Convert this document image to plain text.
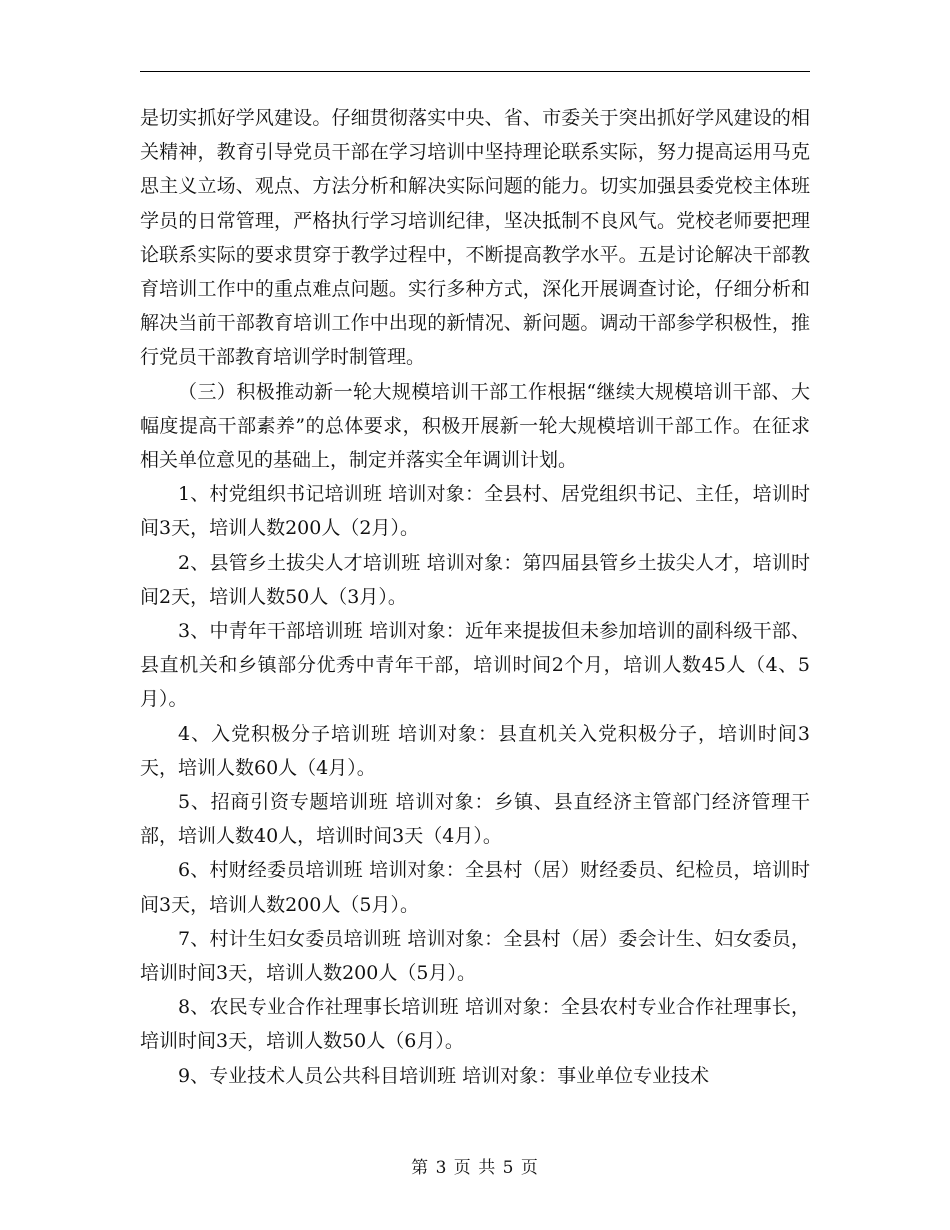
是切实抓好学风建设。仔细贯彻落实中央、省、市委关于突出抓好学风建设的相关精神，教育引导党员干部在学习培训中坚持理论联系实际，努力提高运用马克思主义立场、观点、方法分析和解决实际问题的能力。切实加强县委党校主体班学员的日常管理，严格执行学习培训纪律，坚决抵制不良风气。党校老师要把理论联系实际的要求贯穿于教学过程中，不断提高教学水平。五是讨论解决干部教育培训工作中的重点难点问题。实行多种方式，深化开展调查讨论，仔细分析和解决当前干部教育培训工作中出现的新情况、新问题。调动干部参学积极性，推行党员干部教育培训学时制管理。

（三）积极推动新一轮大规模培训干部工作根据“继续大规模培训干部、大幅度提高干部素养”的总体要求，积极开展新一轮大规模培训干部工作。在征求相关单位意见的基础上，制定并落实全年调训计划。

1、村党组织书记培训班 培训对象：全县村、居党组织书记、主任，培训时间3天，培训人数200人（2月）。

2、县管乡土拔尖人才培训班 培训对象：第四届县管乡土拔尖人才，培训时间2天，培训人数50人（3月）。

3、中青年干部培训班 培训对象：近年来提拔但未参加培训的副科级干部、县直机关和乡镇部分优秀中青年干部，培训时间2个月，培训人数45人（4、5月）。

4、入党积极分子培训班 培训对象：县直机关入党积极分子，培训时间3天，培训人数60人（4月）。

5、招商引资专题培训班 培训对象：乡镇、县直经济主管部门经济管理干部，培训人数40人，培训时间3天（4月）。

6、村财经委员培训班 培训对象：全县村（居）财经委员、纪检员，培训时间3天，培训人数200人（5月）。

7、村计生妇女委员培训班 培训对象：全县村（居）委会计生、妇女委员，培训时间3天，培训人数200人（5月）。

8、农民专业合作社理事长培训班 培训对象：全县农村专业合作社理事长，培训时间3天，培训人数50人（6月）。

9、专业技术人员公共科目培训班 培训对象：事业单位专业技术

第 3 页 共 5 页
